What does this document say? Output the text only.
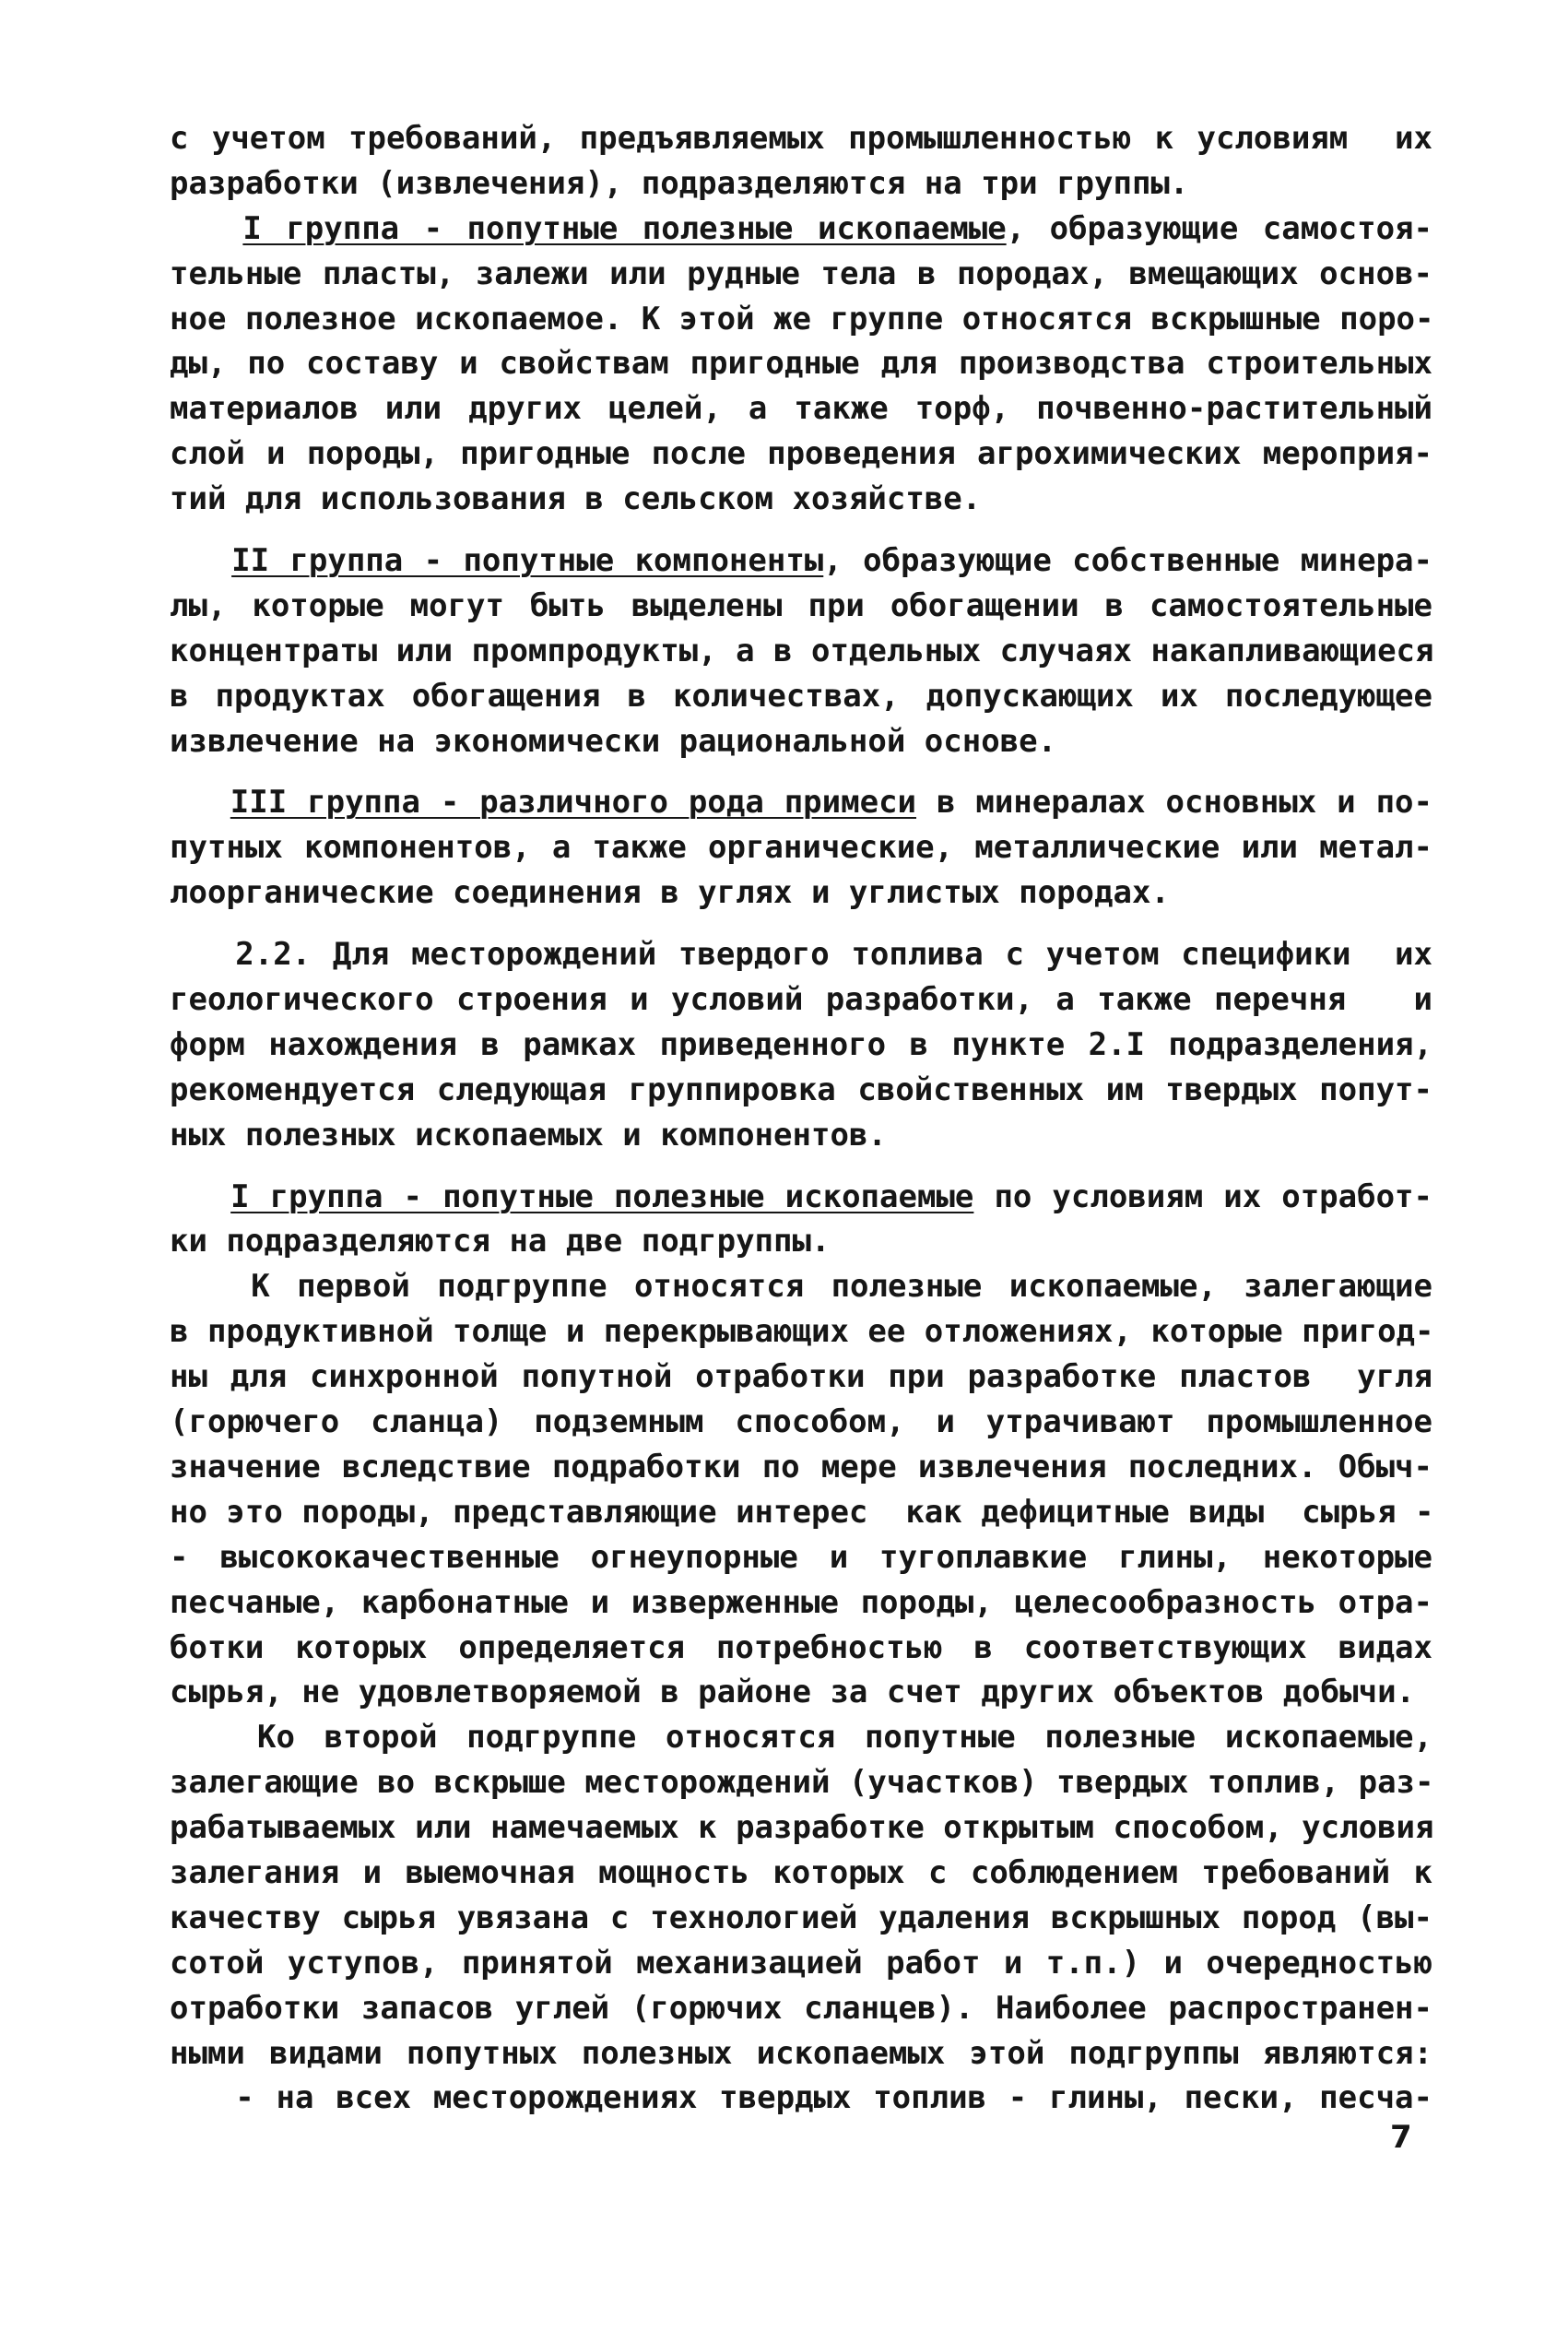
с учетом требований, предъявляемых промышленностью к условиям  их
разработки (извлечения), подразделяются на три группы.
I группа - попутные полезные ископаемые, образующие самостоя-
тельные пласты, залежи или рудные тела в породах, вмещающих основ-
ное полезное ископаемое. К этой же группе относятся вскрышные поро-
ды, по составу и свойствам пригодные для производства строительных
материалов или других целей, а также торф, почвенно-растительный
слой и породы, пригодные после проведения агрохимических мероприя-
тий для использования в сельском хозяйстве.
II группа - попутные компоненты, образующие собственные минера-
лы, которые могут быть выделены при обогащении в самостоятельные
концентраты или промпродукты, а в отдельных случаях накапливающиеся
в продуктах обогащения в количествах, допускающих их последующее
извлечение на экономически рациональной основе.
III группа - различного рода примеси в минералах основных и по-
путных компонентов, а также органические, металлические или метал-
лоорганические соединения в углях и углистых породах.
2.2. Для месторождений твердого топлива с учетом специфики  их
геологического строения и условий разработки, а также перечня   и
форм нахождения в рамках приведенного в пункте 2.I подразделения,
рекомендуется следующая группировка свойственных им твердых попут-
ных полезных ископаемых и компонентов.
I группа - попутные полезные ископаемые по условиям их отработ-
ки подразделяются на две подгруппы.
К первой подгруппе относятся полезные ископаемые, залегающие
в продуктивной толще и перекрывающих ее отложениях, которые пригод-
ны для синхронной попутной отработки при разработке пластов  угля
(горючего сланца) подземным способом, и утрачивают промышленное
значение вследствие подработки по мере извлечения последних. Обыч-
но это породы, представляющие интерес  как дефицитные виды  сырья -
- высококачественные огнеупорные и тугоплавкие глины, некоторые
песчаные, карбонатные и изверженные породы, целесообразность отра-
ботки которых определяется потребностью в соответствующих видах
сырья, не удовлетворяемой в районе за счет других объектов добычи.
Ко второй подгруппе относятся попутные полезные ископаемые,
залегающие во вскрыше месторождений (участков) твердых топлив, раз-
рабатываемых или намечаемых к разработке открытым способом, условия
залегания и выемочная мощность которых с соблюдением требований к
качеству сырья увязана с технологией удаления вскрышных пород (вы-
сотой уступов, принятой механизацией работ и т.п.) и очередностью
отработки запасов углей (горючих сланцев). Наиболее распространен-
ными видами попутных полезных ископаемых этой подгруппы являются:
- на всех месторождениях твердых топлив - глины, пески, песча-
7
